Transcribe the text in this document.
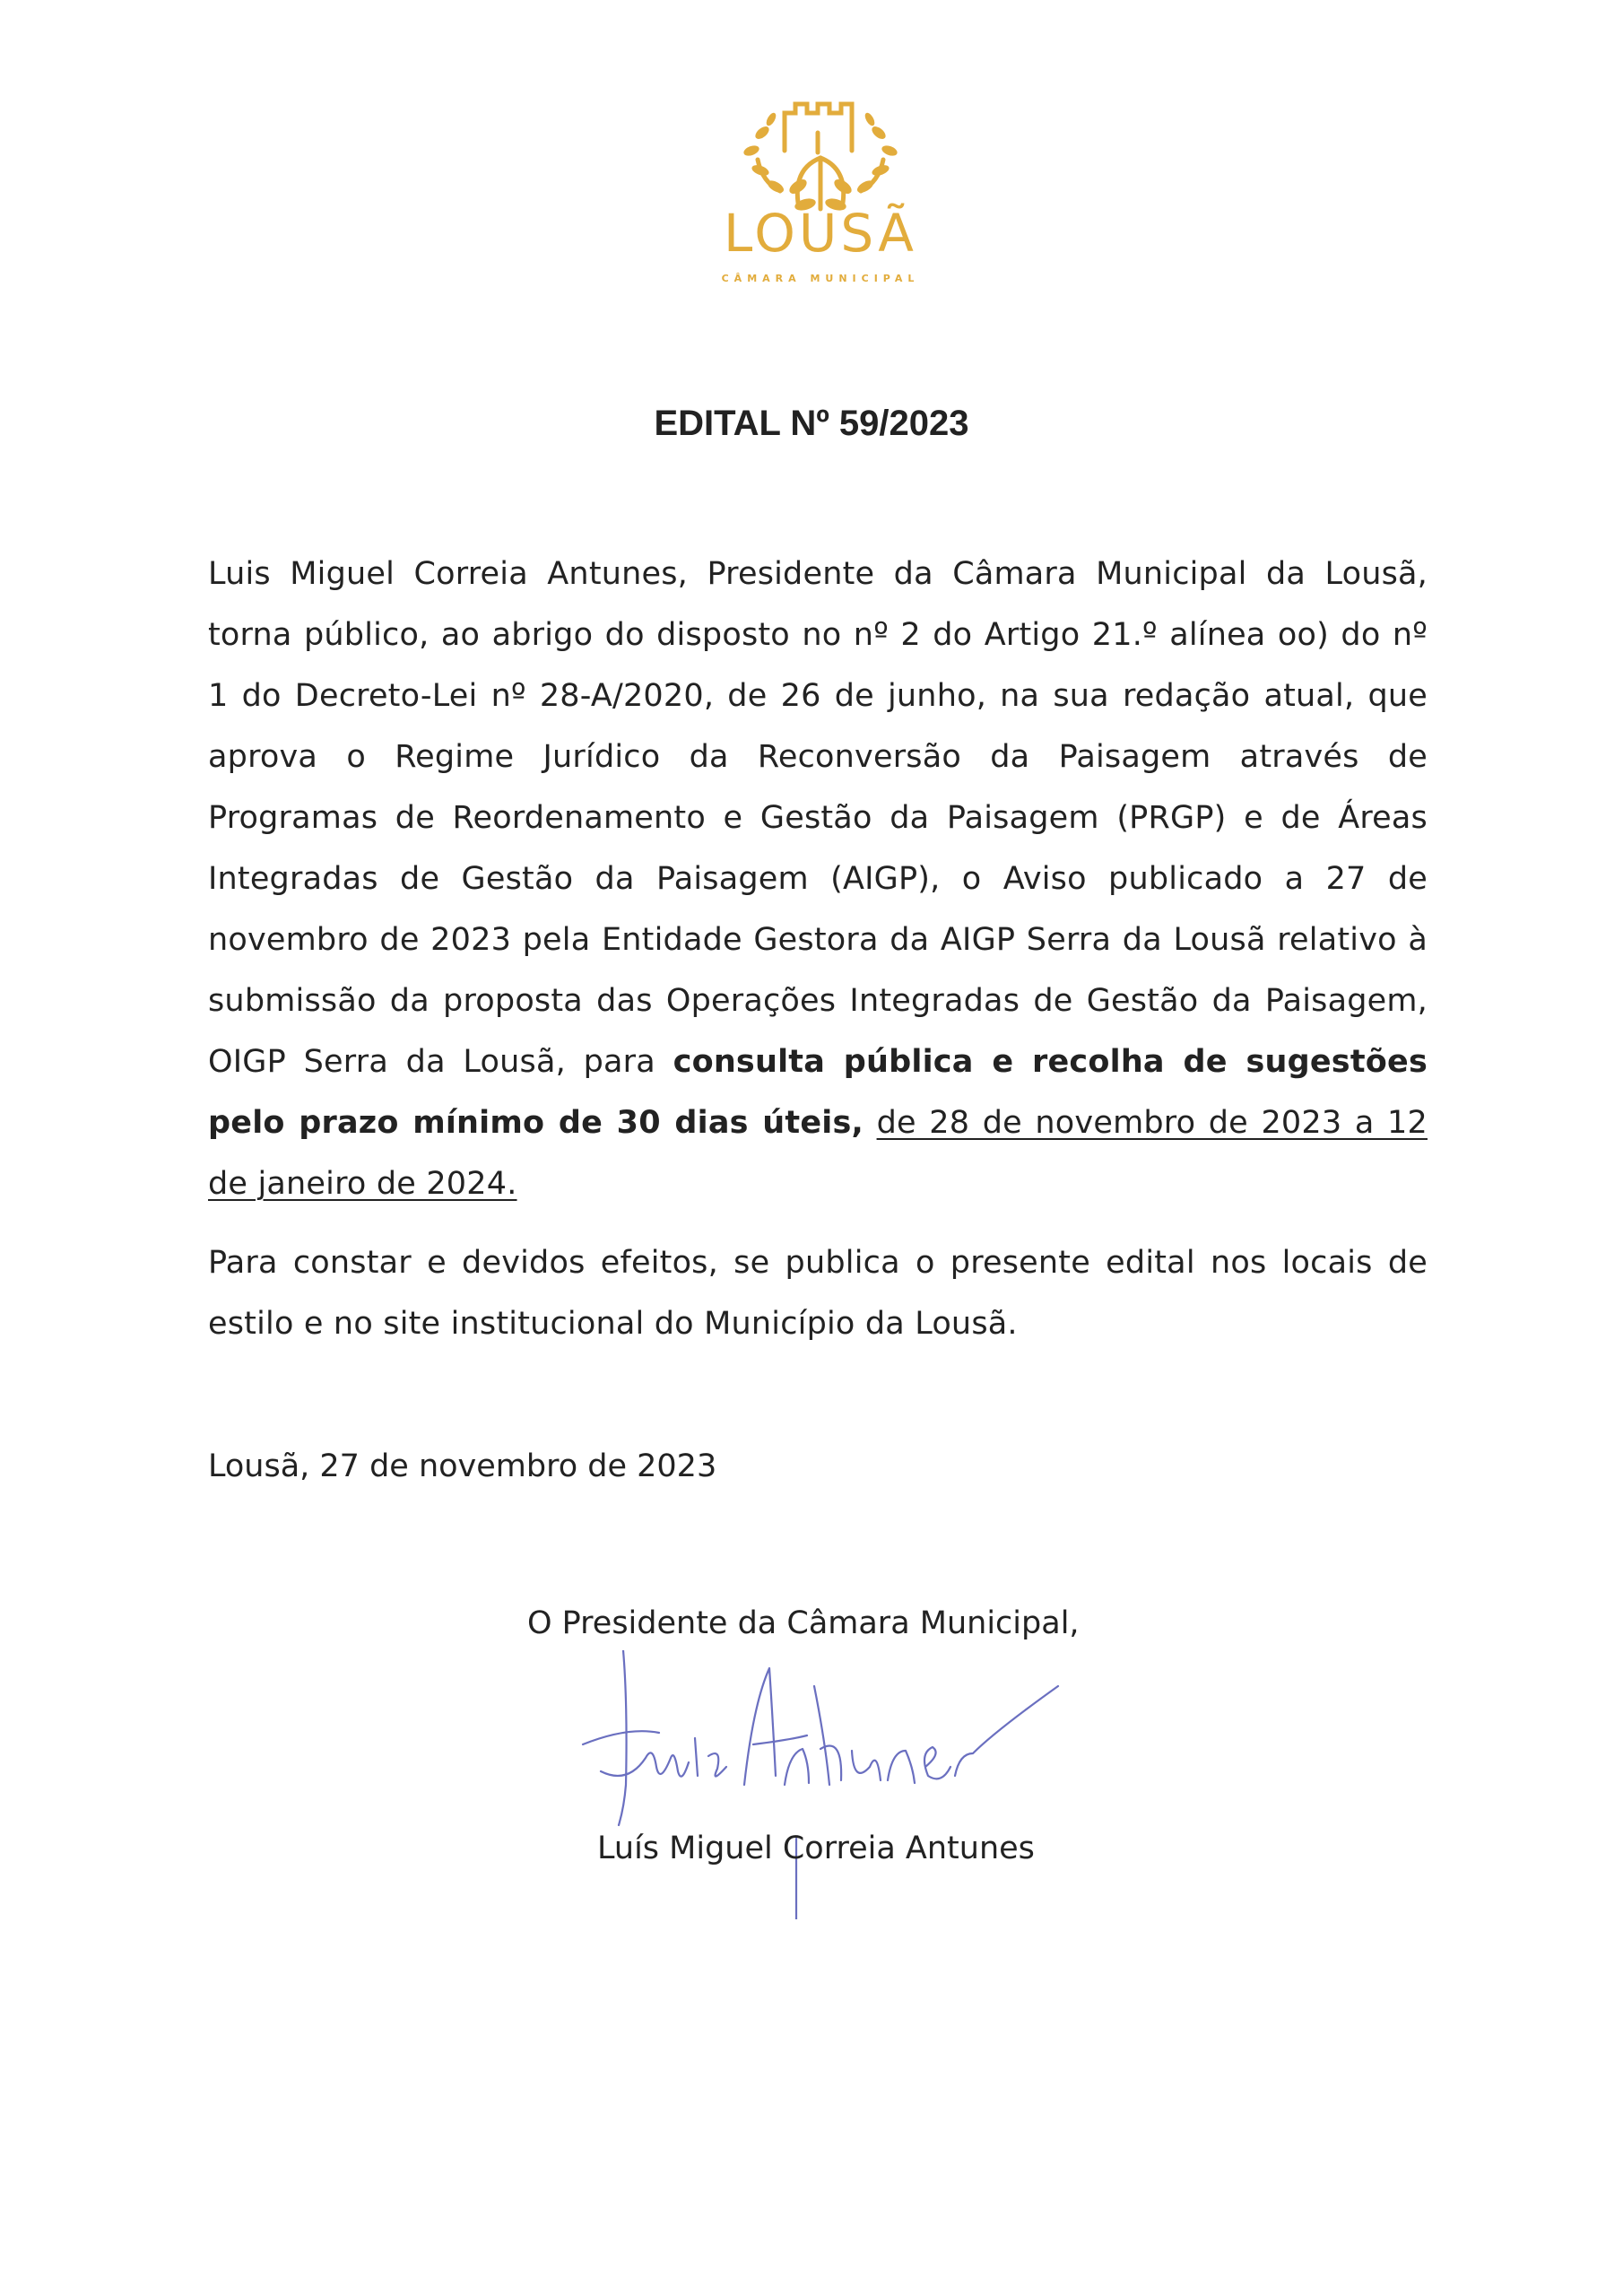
LOUSÃ
CÂMARA MUNICIPAL
EDITAL Nº 59/2023

Luis Miguel Correia Antunes, Presidente da Câmara Municipal da Lousã, torna público, ao abrigo do disposto no nº 2 do Artigo 21.º alínea oo) do nº 1 do Decreto-Lei nº 28-A/2020, de 26 de junho, na sua redação atual, que aprova o Regime Jurídico da Reconversão da Paisagem através de Programas de Reordenamento e Gestão da Paisagem (PRGP) e de Áreas Integradas de Gestão da Paisagem (AIGP), o Aviso publicado a 27 de novembro de 2023 pela Entidade Gestora da AIGP Serra da Lousã relativo à submissão da proposta das Operações Integradas de Gestão da Paisagem, OIGP Serra da Lousã, para consulta pública e recolha de sugestões pelo prazo mínimo de 30 dias úteis, de 28 de novembro de 2023 a 12 de janeiro de 2024.

Para constar e devidos efeitos, se publica o presente edital nos locais de estilo e no site institucional do Município da Lousã.

Lousã, 27 de novembro de 2023
O Presidente da Câmara Municipal,
Luís Miguel Correia Antunes
